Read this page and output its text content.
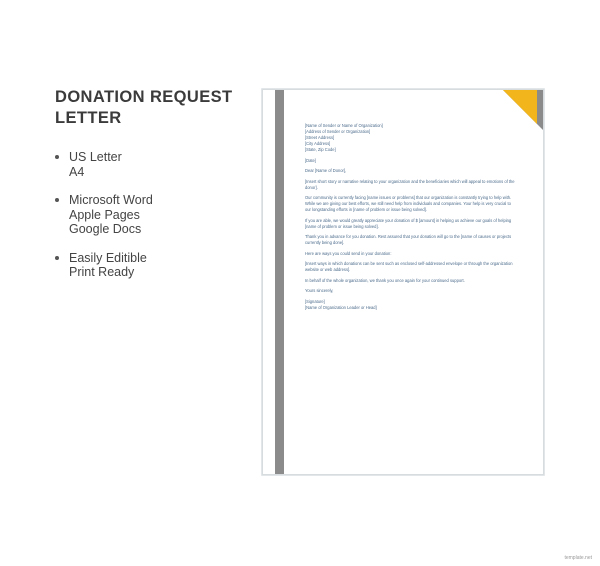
DONATION REQUEST LETTER
US Letter
A4
Microsoft Word
Apple Pages
Google Docs
Easily Editible
Print Ready
[Name of Sender or Name of Organization]
[Address of Sender or Organization]
[Street Address]
[City Address]
[State, Zip Code]
[Date]
Dear [Name of Donor],
[Insert short story or narrative relating to your organization and the beneficiaries which will appeal to emotions of the donor].
Our community is currently facing [name issues or problems] that our organization is constantly trying to help with. While we are giving our best efforts, we still need help from individuals and companies. Your help is very crucial to our longstanding efforts in [name of problem or issue being solved].
If you are able, we would greatly appreciate your donation of $ [amount] in helping us achieve our goals of helping [name of problem or issue being solved].
Thank you in advance for you donation. Rest assured that your donation will go to the [name of causes or projects currently being done].
Here are ways you could send in your donation:
[Insert ways in which donations can be sent such as enclosed self-addressed envelope or through the organization website or web address].
In behalf of the whole organization, we thank you once again for your continued support.
Yours sincerely,
[Signature]
[Name of Organization Leader or Head]
template.net
